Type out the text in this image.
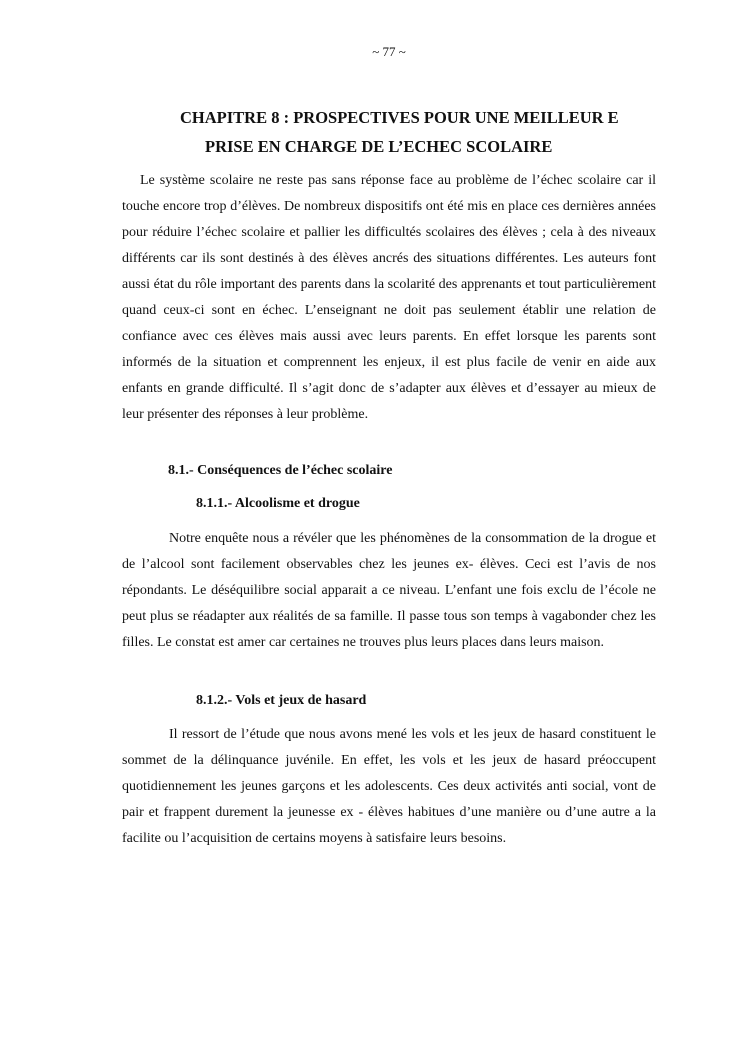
~ 77 ~
CHAPITRE 8 : PROSPECTIVES POUR UNE MEILLEUR E
PRISE EN CHARGE DE L’ECHEC SCOLAIRE

Le système scolaire ne reste pas sans réponse face au problème de l’échec scolaire car il touche encore trop d’élèves. De nombreux dispositifs ont été mis en place ces dernières années pour réduire l’échec scolaire et pallier les difficultés scolaires des élèves ; cela à des niveaux différents car ils sont destinés à des élèves ancrés des situations différentes. Les auteurs font aussi état du rôle important des parents dans la scolarité des apprenants et tout particulièrement quand ceux-ci sont en échec. L’enseignant ne doit pas seulement établir une relation de confiance avec ces élèves mais aussi avec leurs parents. En effet lorsque les parents sont informés de la situation et comprennent les enjeux, il est plus facile de venir en aide aux enfants en grande difficulté. Il s’agit donc de s’adapter aux élèves et d’essayer au mieux de leur présenter des réponses à leur problème.

8.1.- Conséquences de l’échec scolaire
8.1.1.- Alcoolisme et drogue

Notre enquête nous a révéler que les phénomènes de la consommation de la drogue et de l’alcool sont facilement observables chez les jeunes ex- élèves. Ceci est l’avis de nos répondants. Le déséquilibre social apparait a ce niveau. L’enfant une fois exclu de l’école ne peut plus se réadapter aux réalités de sa famille. Il passe tous son temps à vagabonder chez les filles. Le constat est amer car certaines ne trouves plus leurs places dans leurs maison.

8.1.2.- Vols et jeux de hasard

Il ressort de l’étude que nous avons mené les vols et les jeux de hasard constituent le sommet de la délinquance juvénile. En effet, les vols et les jeux de hasard préoccupent quotidiennement les jeunes garçons et les adolescents. Ces deux activités anti social, vont de pair et frappent durement la jeunesse ex - élèves habitues d’une manière ou d’une autre a la facilite ou l’acquisition de certains moyens à satisfaire leurs besoins.
